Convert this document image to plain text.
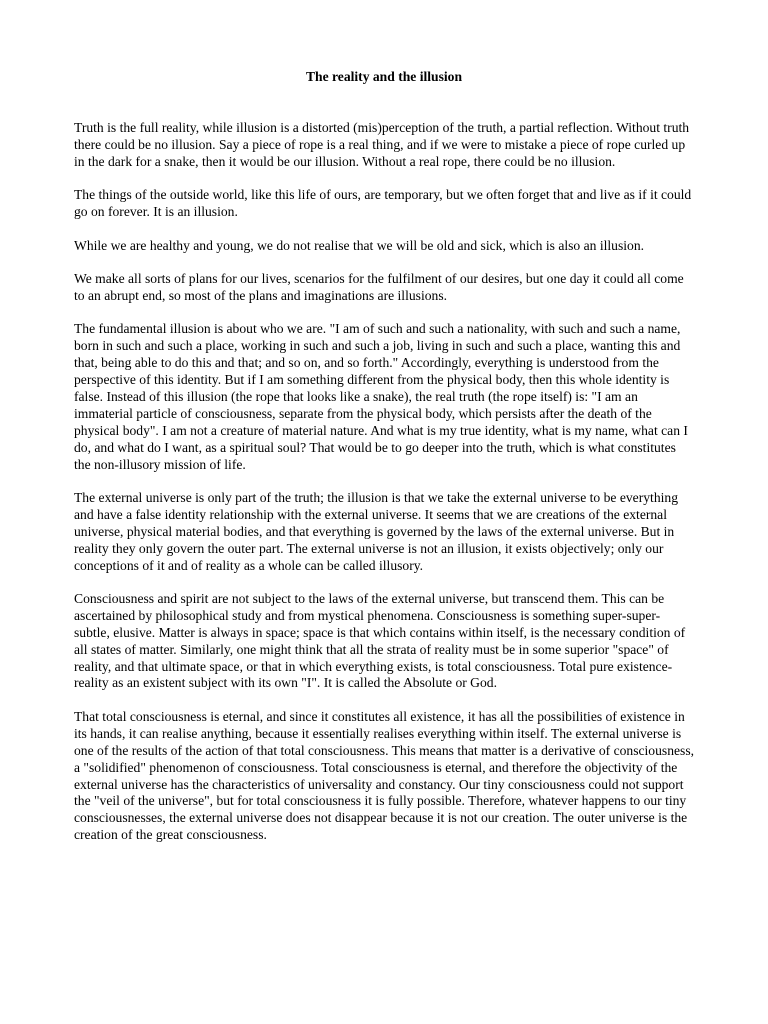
The reality and the illusion

Truth is the full reality, while illusion is a distorted (mis)perception of the truth, a partial reflection. Without truth there could be no illusion. Say a piece of rope is a real thing, and if we were to mistake a piece of rope curled up in the dark for a snake, then it would be our illusion. Without a real rope, there could be no illusion.

The things of the outside world, like this life of ours, are temporary, but we often forget that and live as if it could go on forever. It is an illusion.

While we are healthy and young, we do not realise that we will be old and sick, which is also an illusion.

We make all sorts of plans for our lives, scenarios for the fulfilment of our desires, but one day it could all come to an abrupt end, so most of the plans and imaginations are illusions.

The fundamental illusion is about who we are. "I am of such and such a nationality, with such and such a name, born in such and such a place, working in such and such a job, living in such and such a place, wanting this and that, being able to do this and that; and so on, and so forth." Accordingly, everything is understood from the perspective of this identity. But if I am something different from the physical body, then this whole identity is false. Instead of this illusion (the rope that looks like a snake), the real truth (the rope itself) is: "I am an immaterial particle of consciousness, separate from the physical body, which persists after the death of the physical body". I am not a creature of material nature. And what is my true identity, what is my name, what can I do, and what do I want, as a spiritual soul? That would be to go deeper into the truth, which is what constitutes the non-illusory mission of life.

The external universe is only part of the truth; the illusion is that we take the external universe to be everything and have a false identity relationship with the external universe. It seems that we are creations of the external universe, physical material bodies, and that everything is governed by the laws of the external universe. But in reality they only govern the outer part. The external universe is not an illusion, it exists objectively; only our conceptions of it and of reality as a whole can be called illusory.

Consciousness and spirit are not subject to the laws of the external universe, but transcend them. This can be ascertained by philosophical study and from mystical phenomena. Consciousness is something super-super-subtle, elusive. Matter is always in space; space is that which contains within itself, is the necessary condition of all states of matter. Similarly, one might think that all the strata of reality must be in some superior "space" of reality, and that ultimate space, or that in which everything exists, is total consciousness. Total pure existence-reality as an existent subject with its own "I". It is called the Absolute or God.

That total consciousness is eternal, and since it constitutes all existence, it has all the possibilities of existence in its hands, it can realise anything, because it essentially realises everything within itself. The external universe is one of the results of the action of that total consciousness. This means that matter is a derivative of consciousness, a "solidified" phenomenon of consciousness. Total consciousness is eternal, and therefore the objectivity of the external universe has the characteristics of universality and constancy. Our tiny consciousness could not support the "veil of the universe", but for total consciousness it is fully possible. Therefore, whatever happens to our tiny consciousnesses, the external universe does not disappear because it is not our creation. The outer universe is the creation of the great consciousness.
